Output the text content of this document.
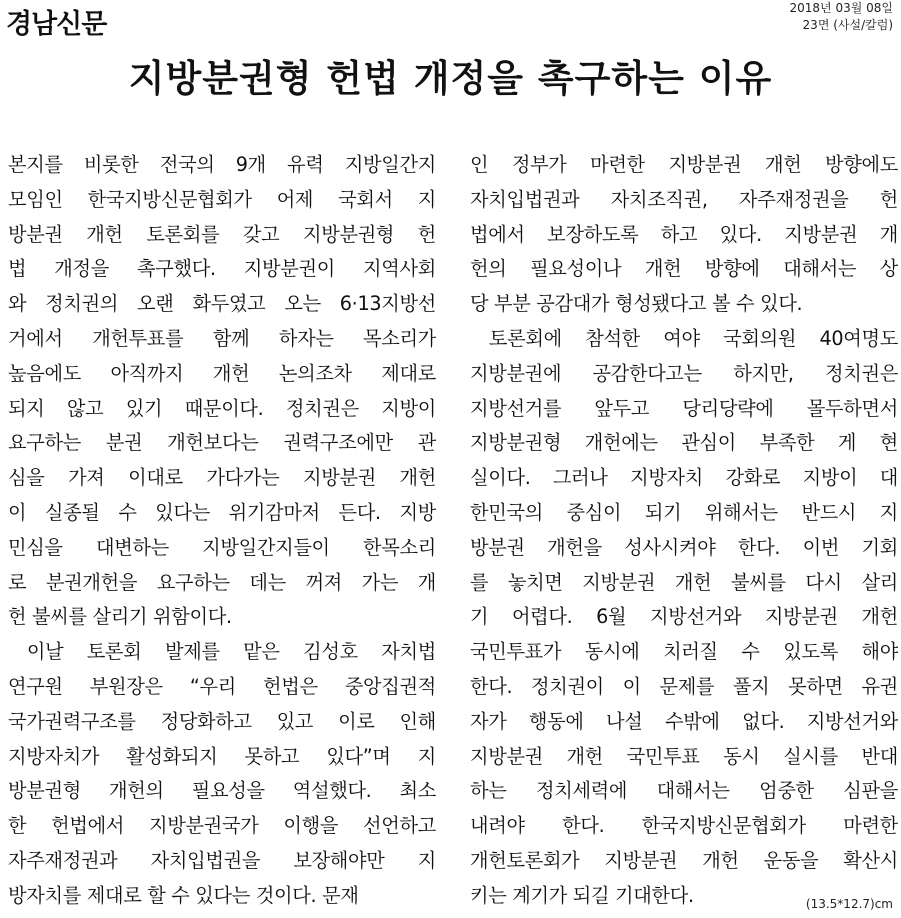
경남신문
2018년 03월 08일
23면 (사설/칼럼)
지방분권형 헌법 개정을 촉구하는 이유
본지를 비롯한 전국의 9개 유력 지방일간지
모임인 한국지방신문협회가 어제 국회서 지
방분권 개헌 토론회를 갖고 지방분권형 헌
법 개정을 촉구했다. 지방분권이 지역사회
와 정치권의 오랜 화두였고 오는 6·13지방선
거에서 개헌투표를 함께 하자는 목소리가
높음에도 아직까지 개헌 논의조차 제대로
되지 않고 있기 때문이다. 정치권은 지방이
요구하는 분권 개헌보다는 권력구조에만 관
심을 가져 이대로 가다가는 지방분권 개헌
이 실종될 수 있다는 위기감마저 든다. 지방
민심을 대변하는 지방일간지들이 한목소리
로 분권개헌을 요구하는 데는 꺼져 가는 개
헌 불씨를 살리기 위함이다.
 이날 토론회 발제를 맡은 김성호 자치법
연구원 부원장은 “우리 헌법은 중앙집권적
국가권력구조를 정당화하고 있고 이로 인해
지방자치가 활성화되지 못하고 있다”며 지
방분권형 개헌의 필요성을 역설했다. 최소
한 헌법에서 지방분권국가 이행을 선언하고
자주재정권과 자치입법권을 보장해야만 지
방자치를 제대로 할 수 있다는 것이다. 문재
인 정부가 마련한 지방분권 개헌 방향에도
자치입법권과 자치조직권, 자주재정권을 헌
법에서 보장하도록 하고 있다. 지방분권 개
헌의 필요성이나 개헌 방향에 대해서는 상
당 부분 공감대가 형성됐다고 볼 수 있다.
 토론회에 참석한 여야 국회의원 40여명도
지방분권에 공감한다고는 하지만, 정치권은
지방선거를 앞두고 당리당략에 몰두하면서
지방분권형 개헌에는 관심이 부족한 게 현
실이다. 그러나 지방자치 강화로 지방이 대
한민국의 중심이 되기 위해서는 반드시 지
방분권 개헌을 성사시켜야 한다. 이번 기회
를 놓치면 지방분권 개헌 불씨를 다시 살리
기 어렵다. 6월 지방선거와 지방분권 개헌
국민투표가 동시에 치러질 수 있도록 해야
한다. 정치권이 이 문제를 풀지 못하면 유권
자가 행동에 나설 수밖에 없다. 지방선거와
지방분권 개헌 국민투표 동시 실시를 반대
하는 정치세력에 대해서는 엄중한 심판을
내려야 한다. 한국지방신문협회가 마련한
개헌토론회가 지방분권 개헌 운동을 확산시
키는 계기가 되길 기대한다.	(13.5*12.7)cm
